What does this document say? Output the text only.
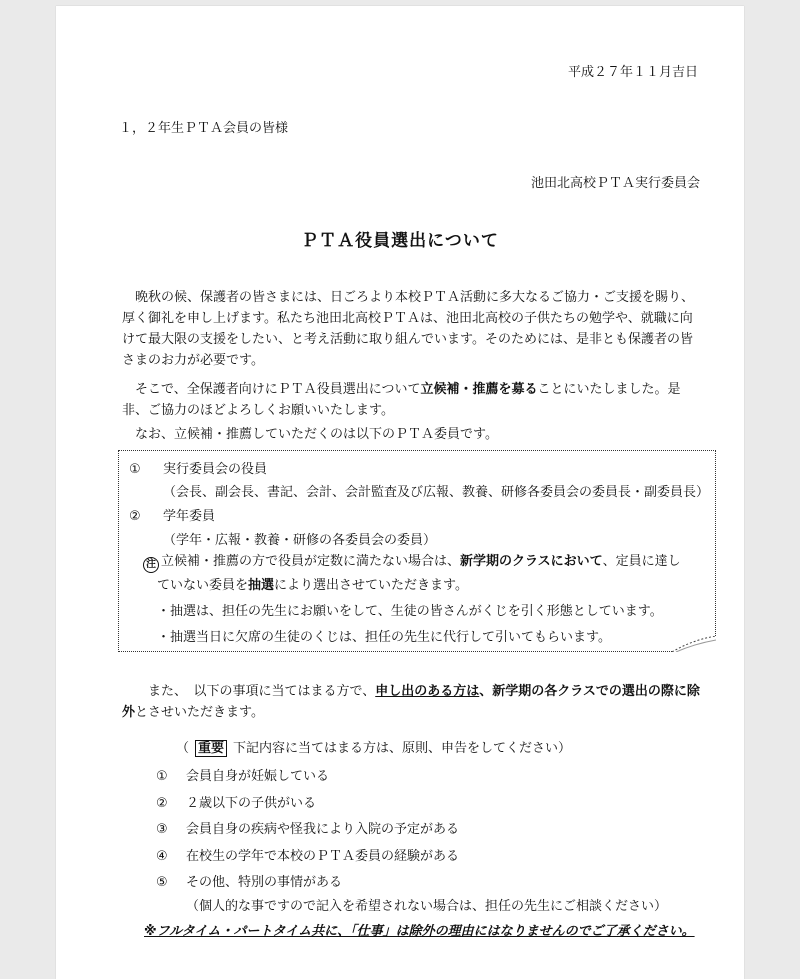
平成２７年１１月吉日
１，２年生ＰＴＡ会員の皆様
池田北高校ＰＴＡ実行委員会
ＰＴＡ役員選出について
晩秋の候、保護者の皆さまには、日ごろより本校ＰＴＡ活動に多大なるご協力・ご支援を賜り、厚く御礼を申し上げます。私たち池田北高校ＰＴＡは、池田北高校の子供たちの勉学や、就職に向けて最大限の支援をしたい、と考え活動に取り組んでいます。そのためには、是非とも保護者の皆さまのお力が必要です。
そこで、全保護者向けにＰＴＡ役員選出について立候補・推薦を募ることにいたしました。是非、ご協力のほどよろしくお願いいたします。
なお、立候補・推薦していただくのは以下のＰＴＡ委員です。
① 実行委員会の役員
（会長、副会長、書記、会計、会計監査及び広報、教養、研修各委員会の委員長・副委員長）
② 学年委員
（学年・広報・教養・研修の各委員会の委員）
注 立候補・推薦の方で役員が定数に満たない場合は、新学期のクラスにおいて、定員に達し
ていない委員を抽選により選出させていただきます。
・抽選は、担任の先生にお願いをして、生徒の皆さんがくじを引く形態としています。
・抽選当日に欠席の生徒のくじは、担任の先生に代行して引いてもらいます。
また、　以下の事項に当てはまる方で、申し出のある方は、新学期の各クラスでの選出の際に除外とさせいただきます。
（ 重要 下記内容に当てはまる方は、原則、申告をしてください）
① 会員自身が妊娠している
② ２歳以下の子供がいる
③ 会員自身の疾病や怪我により入院の予定がある
④ 在校生の学年で本校のＰＴＡ委員の経験がある
⑤ その他、特別の事情がある
（個人的な事ですので記入を希望されない場合は、担任の先生にご相談ください）
※フルタイム・パートタイム共に、「仕事」は除外の理由にはなりませんのでご了承ください。
